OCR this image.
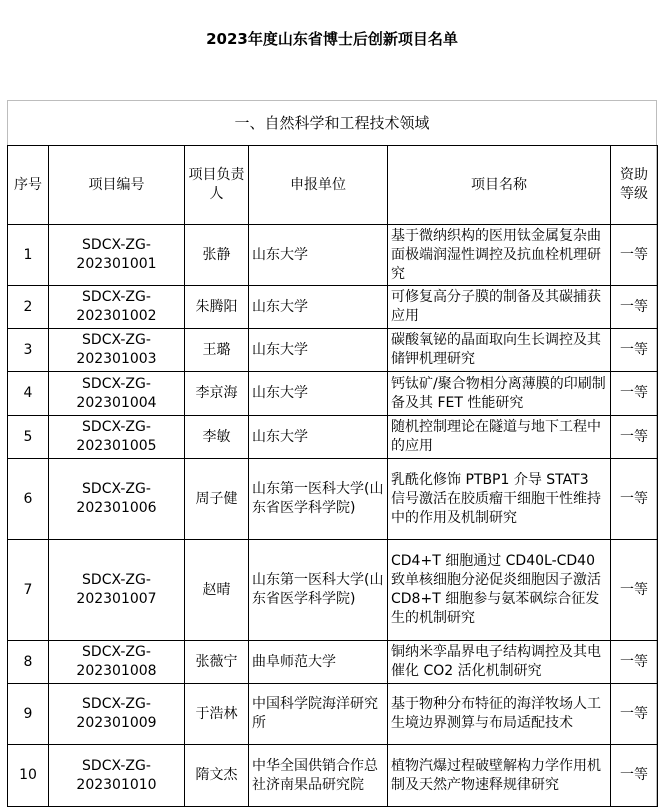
2023年度山东省博士后创新项目名单
一、自然科学和工程技术领域
序号	项目编号	项目负责人	申报单位	项目名称	资助等级
1	SDCX-ZG-202301001	张静	山东大学	基于微纳织构的医用钛金属复杂曲面极端润湿性调控及抗血栓机理研究	一等
2	SDCX-ZG-202301002	朱腾阳	山东大学	可修复高分子膜的制备及其碳捕获应用	一等
3	SDCX-ZG-202301003	王璐	山东大学	碳酸氧铋的晶面取向生长调控及其储钾机理研究	一等
4	SDCX-ZG-202301004	李京海	山东大学	钙钛矿/聚合物相分离薄膜的印刷制备及其 FET 性能研究	一等
5	SDCX-ZG-202301005	李敏	山东大学	随机控制理论在隧道与地下工程中的应用	一等
6	SDCX-ZG-202301006	周子健	山东第一医科大学(山东省医学科学院)	乳酰化修饰 PTBP1 介导 STAT3 信号激活在胶质瘤干细胞干性维持中的作用及机制研究	一等
7	SDCX-ZG-202301007	赵晴	山东第一医科大学(山东省医学科学院)	CD4+T 细胞通过 CD40L-CD40 致单核细胞分泌促炎细胞因子激活 CD8+T 细胞参与氨苯砜综合征发生的机制研究	一等
8	SDCX-ZG-202301008	张薇宁	曲阜师范大学	铜纳米孪晶界电子结构调控及其电催化 CO2 活化机制研究	一等
9	SDCX-ZG-202301009	于浩林	中国科学院海洋研究所	基于物种分布特征的海洋牧场人工生境边界测算与布局适配技术	一等
10	SDCX-ZG-202301010	隋文杰	中华全国供销合作总社济南果品研究院	植物汽爆过程破壁解构力学作用机制及天然产物速释规律研究	一等
